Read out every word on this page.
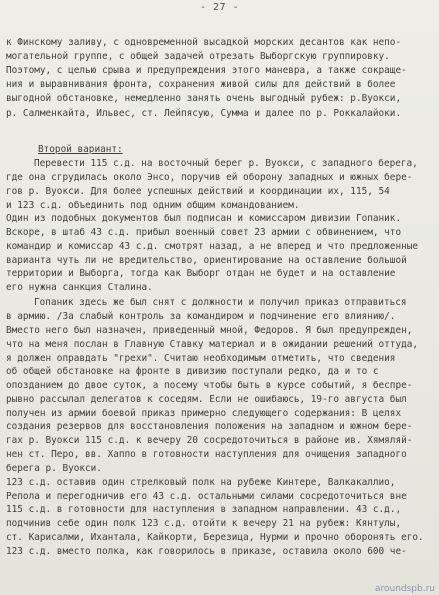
- 27 -
к Финскому заливу, с одновременной высадкой морских десантов как непо-
могательной группе, с общей задачей отрезать Выборгскую группировку.
Поэтому, с целью срыва и предупреждения этого маневра, а также сокраще-
ния и выравнивания фронта, сохранения живой силы для действий в более
выгодной обстановке, немедленно занять очень выгодный рубеж: р.Вуокси,
р. Салменкайта, Ильвес, ст. Лейпясую, Сумма и далее по р. Роккалайоки.
Перевести 115 с.д. на восточный берег р. Вуокси, с западного берега,
где она сгрудилась около Энсо, поручив ей оборону западных и южных бере-
гов р. Вуокси. Для более успешных действий и координации их, 115, 54
и 123 с.д. объединить под одним общим командованием.
Один из подобных документов был подписан и комиссаром дивизии Гопаник.
Вскоре, в штаб 43 с.д. прибыл военный совет 23 армии с обвинением, что
командир и комиссар 43 с.д. смотрят назад, а не вперед и что предложенные
варианта чуть ли не вредительство, ориентирование на оставление большой
территории и Выборга, тогда как Выборг отдан не будет и на оставление
его нужна санкция Сталина.
Гопаник здесь же был снят с должности и получил приказ отправиться
в армию. /За слабый контроль за командиром и подчинение его влиянию/.
Вместо него был назначен, приведенный мной, Федоров. Я был предупрежден,
что на меня послан в Главную Ставку материал и в ожидании решений оттуда,
я должен оправдать "грехи". Считаю необходимым отметить, что сведения
об общей обстановке на фронте в дивизию поступали редко, да и то с
опозданием до двое суток, а посему чтобы быть в курсе событий, я беспре-
рывно рассылал делегатов к соседям. Если не ошибаюсь, 19-го августа был
получен из армии боевой приказ примерно следующего содержания: В целях
создания резервов для восстановления положения на западном и южном бере-
гах р. Вуокси 115 с.д. к вечеру 20 сосредоточиться в районе ив. Хямяляй-
нен ст. Перо, вв. Хаппо в готовности наступления для очищения западного
берега р. Вуокси.
123 с.д. оставив один стрелковый полк на рубеже Кинтере, Валкакаллио,
Репола и перегодничив его 43 с.д. остальными силами сосредоточиться вне
115 с.д. в готовности для наступления в западном направлении. 43 с.д.,
подчинив себе один полк 123 с.д. отойти к вечеру 21 на рубеж: Кянтулы,
ст. Карисалми, Ихантала, Кайкорти, Березица, Нурми и прочно оборонять его.
123 с.д. вместо полка, как говорилось в приказе, оставила около 600 че-
Второй вариант:
aroundspb.ru
